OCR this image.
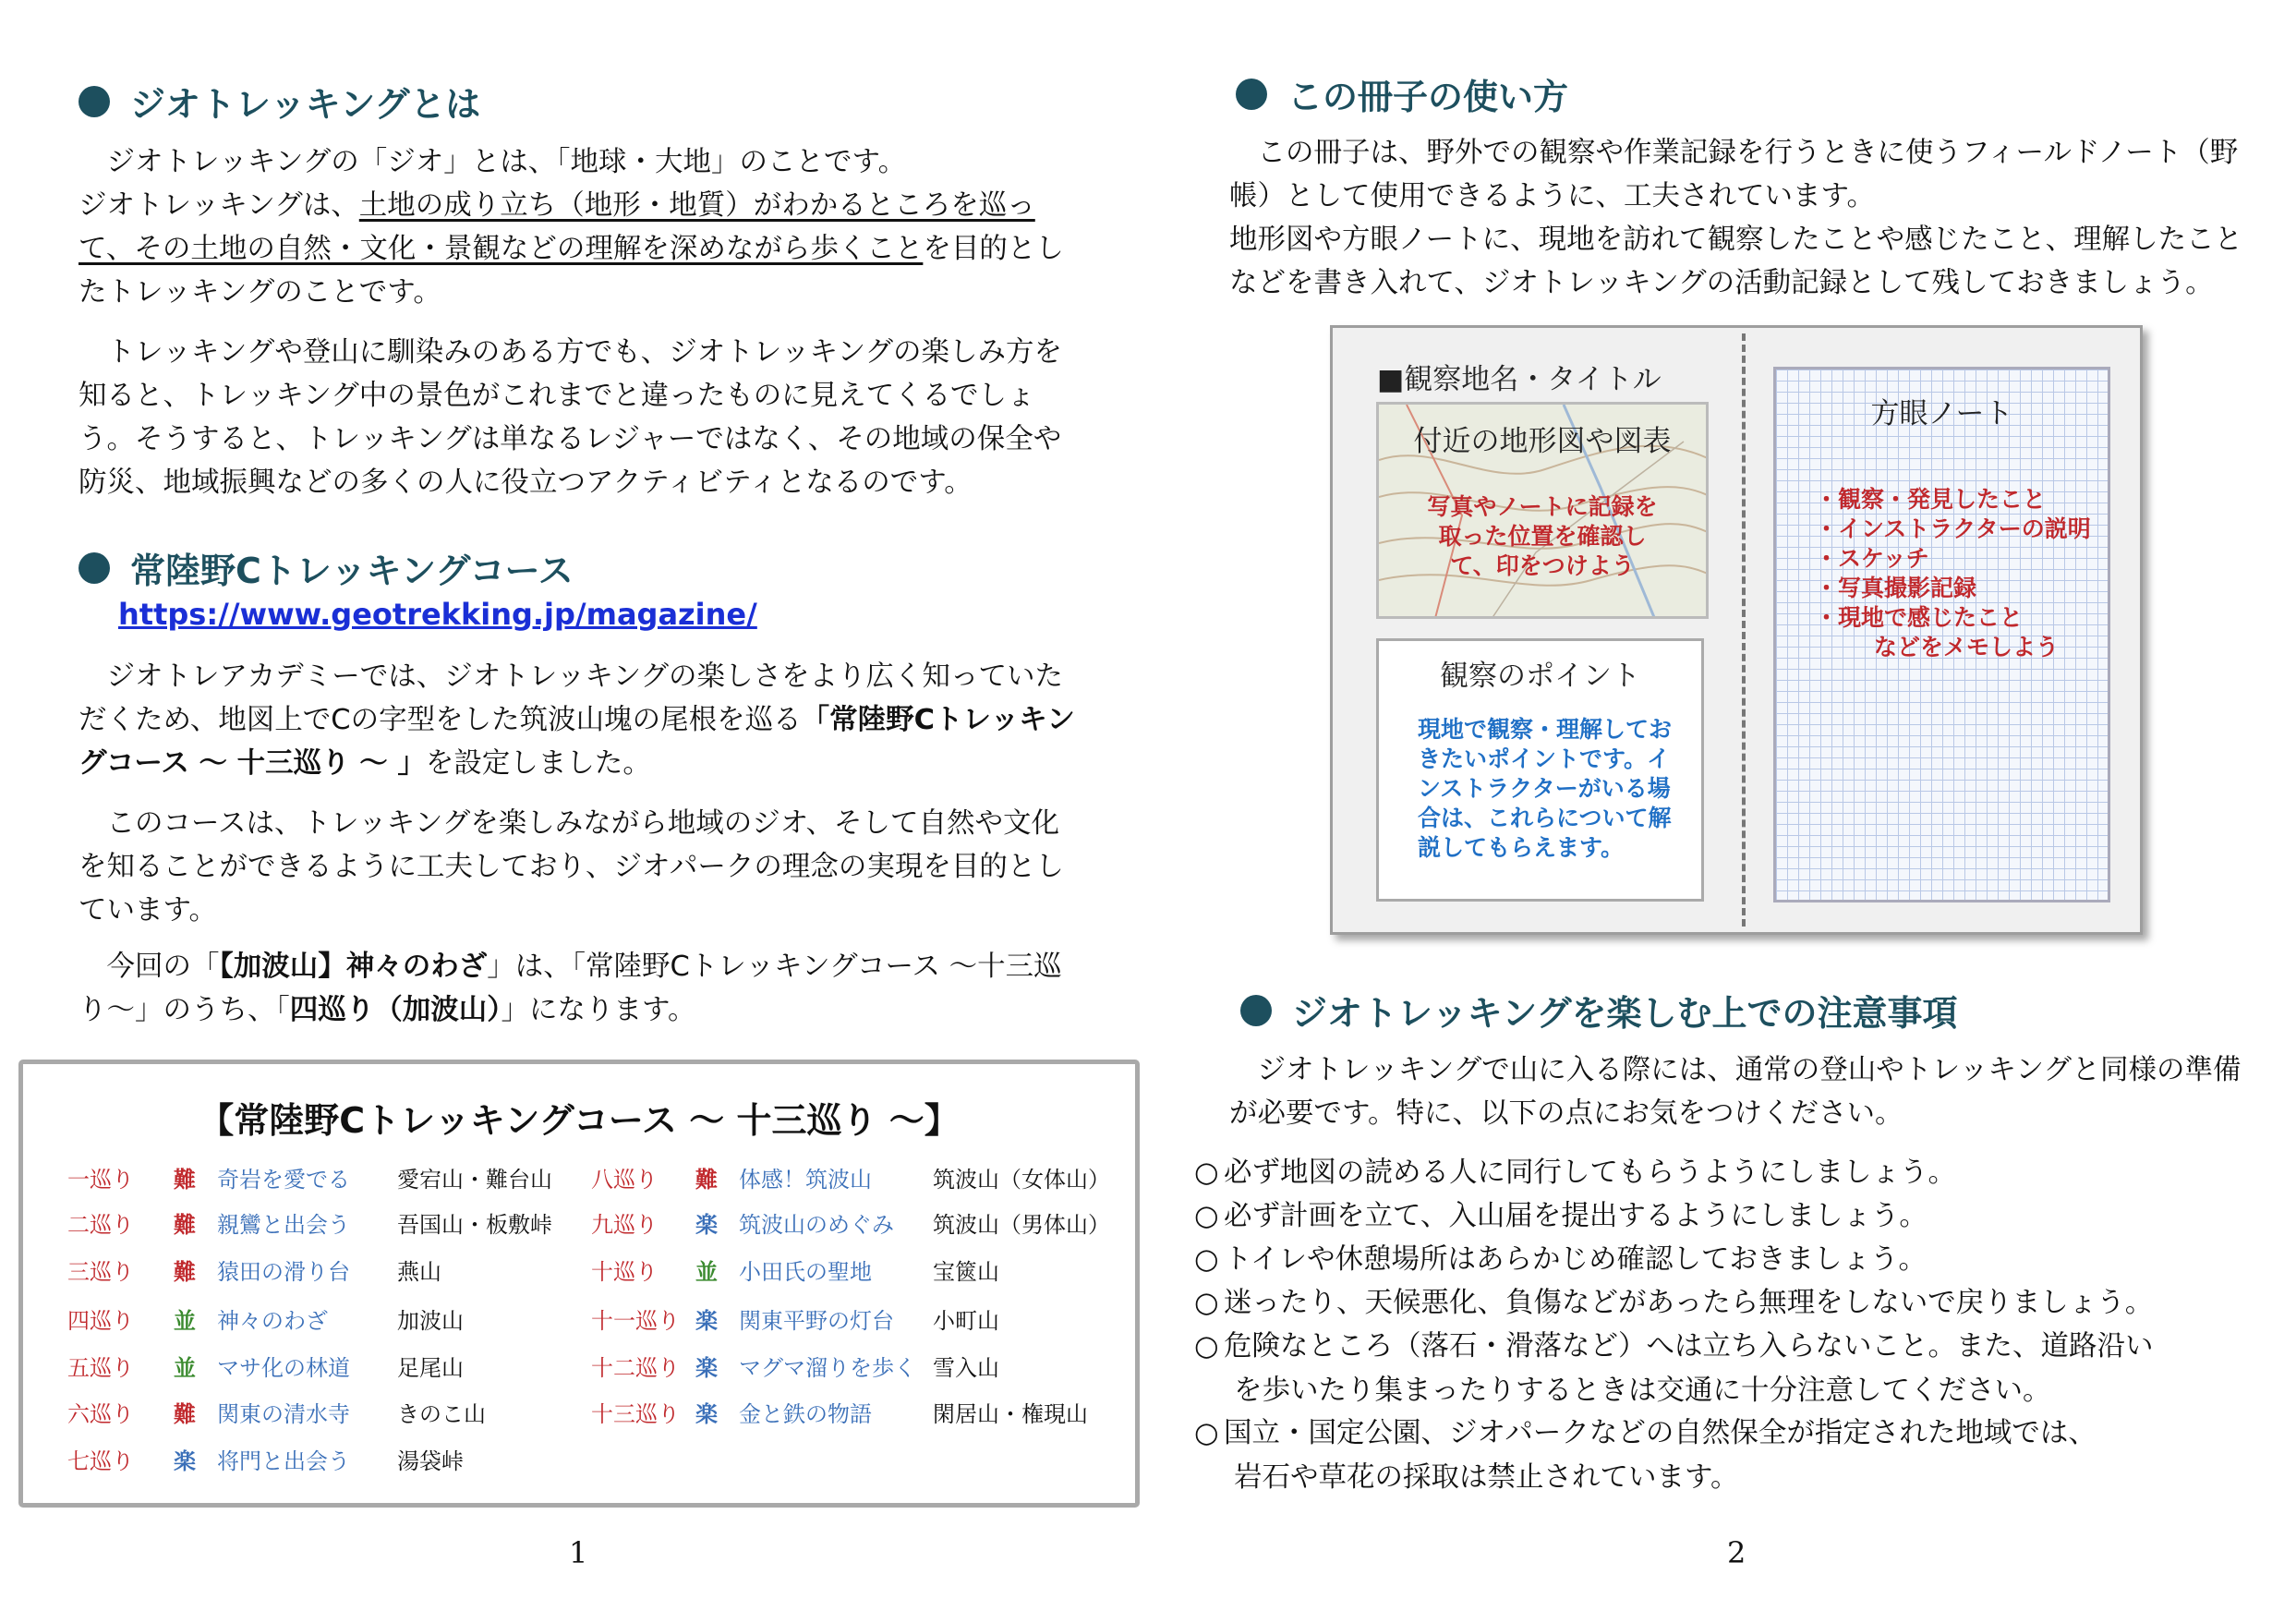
ジオトレッキングとは

ジオトレッキングの「ジオ」とは、「地球・大地」のことです。

ジオトレッキングは、土地の成り立ち（地形・地質）がわかるところを巡って、その土地の自然・文化・景観などの理解を深めながら歩くことを目的としたトレッキングのことです。

トレッキングや登山に馴染みのある方でも、ジオトレッキングの楽しみ方を知ると、トレッキング中の景色がこれまでと違ったものに見えてくるでしょう。そうすると、トレッキングは単なるレジャーではなく、その地域の保全や防災、地域振興などの多くの人に役立つアクティビティとなるのです。

常陸野Cトレッキングコース
https://www.geotrekking.jp/magazine/

ジオトレアカデミーでは、ジオトレッキングの楽しさをより広く知っていただくため、地図上でCの字型をした筑波山塊の尾根を巡る「常陸野Cトレッキングコース ～ 十三巡り ～ 」を設定しました。

このコースは、トレッキングを楽しみながら地域のジオ、そして自然や文化を知ることができるように工夫しており、ジオパークの理念の実現を目的としています。

今回の「【加波山】神々のわざ」は、「常陸野Cトレッキングコース ～十三巡り～」のうち、「四巡り（加波山）」になります。

【常陸野Cトレッキングコース ～ 十三巡り ～】
一巡り 難 奇岩を愛でる 愛宕山・難台山
二巡り 難 親鸞と出会う 吾国山・板敷峠
三巡り 難 猿田の滑り台 燕山
四巡り 並 神々のわざ	加波山
五巡り 並 マサ化の林道 足尾山
六巡り 難 関東の清水寺 きのこ山
七巡り 楽 将門と出会う 湯袋峠
八巡り 難 体感！筑波山	筑波山（女体山）
九巡り 楽 筑波山のめぐみ 筑波山（男体山）
十巡り 並 小田氏の聖地	宝篋山
十一巡り 楽 関東平野の灯台 小町山
十二巡り 楽 マグマ溜りを歩く 雪入山
十三巡り 楽 金と鉄の物語	閑居山・権現山
1
この冊子の使い方

この冊子は、野外での観察や作業記録を行うときに使うフィールドノート（野帳）として使用できるように、工夫されています。

地形図や方眼ノートに、現地を訪れて観察したことや感じたこと、理解したことなどを書き入れて、ジオトレッキングの活動記録として残しておきましょう。

■観察地名・タイトル
付近の地形図や図表
写真やノートに記録を
取った位置を確認し
て、印をつけよう
観察のポイント
現地で観察・理解しておきたいポイントです。インストラクターがいる場合は、これらについて解説してもらえます。
方眼ノート
・観察・発見したこと
・インストラクターの説明
・スケッチ
・写真撮影記録
・現地で感じたこと
などをメモしよう
ジオトレッキングを楽しむ上での注意事項

ジオトレッキングで山に入る際には、通常の登山やトレッキングと同様の準備が必要です。特に、以下の点にお気をつけください。

○ 必ず地図の読める人に同行してもらうようにしましょう。
○ 必ず計画を立て、入山届を提出するようにしましょう。
○ トイレや休憩場所はあらかじめ確認しておきましょう。
○ 迷ったり、天候悪化、負傷などがあったら無理をしないで戻りましょう。
○ 危険なところ（落石・滑落など）へは立ち入らないこと。また、道路沿い
○ 国立・国定公園、ジオパークなどの自然保全が指定された地域では、
を歩いたり集まったりするときは交通に十分注意してください。
岩石や草花の採取は禁止されています。
2
